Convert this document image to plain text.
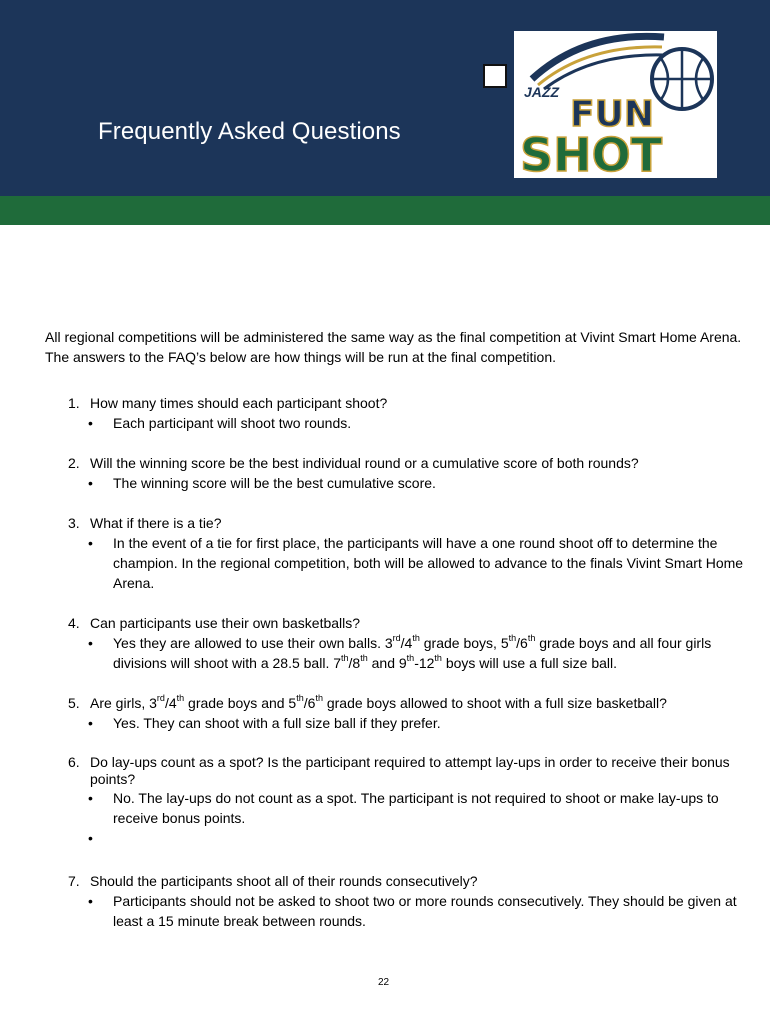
Frequently Asked Questions
JAZZ
FUN
SHOT
All regional competitions will be administered the same way as the final competition at Vivint Smart Home Arena. The answers to the FAQ’s below are how things will be run at the final competition.
1. How many times should each participant shoot?
• Each participant will shoot two rounds.
2. Will the winning score be the best individual round or a cumulative score of both rounds?
• The winning score will be the best cumulative score.
3. What if there is a tie?
• In the event of a tie for first place, the participants will have a one round shoot off to determine the champion. In the regional competition, both will be allowed to advance to the finals Vivint Smart Home Arena.
4. Can participants use their own basketballs?
• Yes they are allowed to use their own balls. 3rd/4th grade boys, 5th/6th grade boys and all four girls divisions will shoot with a 28.5 ball. 7th/8th and 9th-12th boys will use a full size ball.
5. Are girls, 3rd/4th grade boys and 5th/6th grade boys allowed to shoot with a full size basketball?
• Yes. They can shoot with a full size ball if they prefer.
6. Do lay-ups count as a spot? Is the participant required to attempt lay-ups in order to receive their bonus points?
• No. The lay-ups do not count as a spot. The participant is not required to shoot or make lay-ups to receive bonus points.
•

7. Should the participants shoot all of their rounds consecutively?
• Participants should not be asked to shoot two or more rounds consecutively. They should be given at least a 15 minute break between rounds.
22
